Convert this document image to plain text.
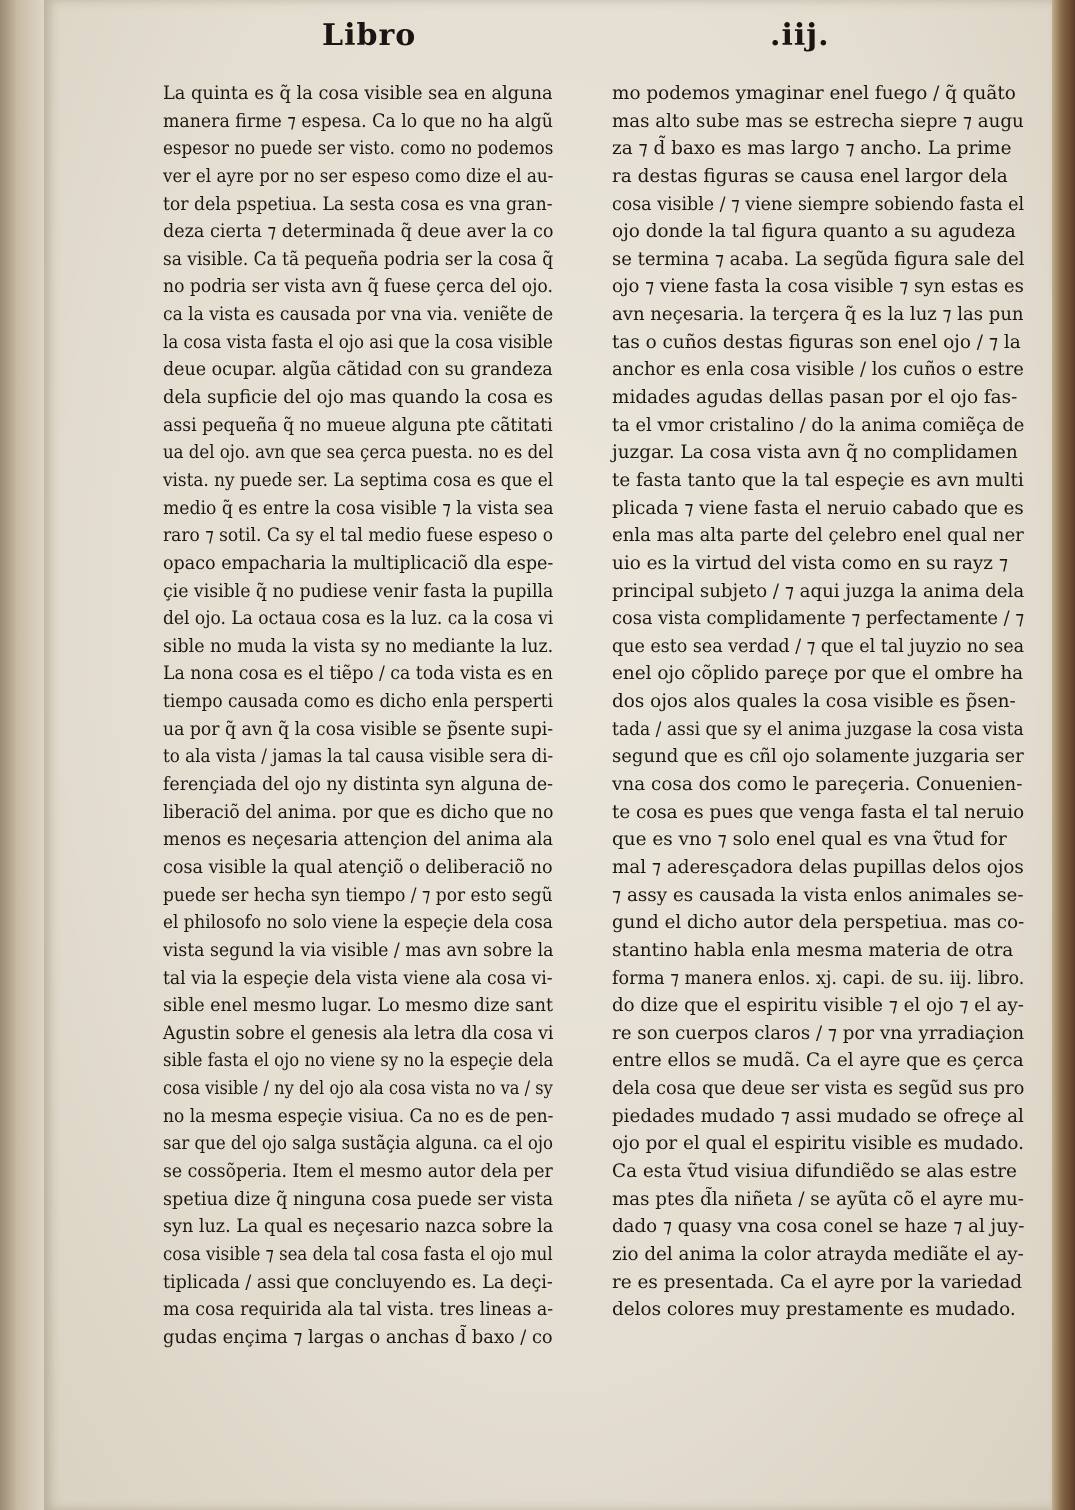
Libro	.iij.
La quinta es q̃ la cosa visible sea en alguna
manera firme ⁊ espesa. Ca lo que no ha algũ
espesor no puede ser visto. como no podemos
ver el ayre por no ser espeso como dize el au-
tor dela pspetiua. La sesta cosa es vna gran-
deza cierta ⁊ determinada q̃ deue aver la co
sa visible. Ca tã pequeña podria ser la cosa q̃
no podria ser vista avn q̃ fuese çerca del ojo.
ca la vista es causada por vna via. veniẽte de
la cosa vista fasta el ojo asi que la cosa visible
deue ocupar. algũa cãtidad con su grandeza
dela supficie del ojo mas quando la cosa es
assi pequeña q̃ no mueue alguna pte cãtitati
ua del ojo. avn que sea çerca puesta. no es del
vista. ny puede ser. La septima cosa es que el
medio q̃ es entre la cosa visible ⁊ la vista sea
raro ⁊ sotil. Ca sy el tal medio fuese espeso o
opaco empacharia la multiplicaciõ dla espe-
çie visible q̃ no pudiese venir fasta la pupilla
del ojo. La octaua cosa es la luz. ca la cosa vi
sible no muda la vista sy no mediante la luz.
La nona cosa es el tiẽpo / ca toda vista es en
tiempo causada como es dicho enla persperti
ua por q̃ avn q̃ la cosa visible se p̃sente supi-
to ala vista / jamas la tal causa visible sera di-
ferençiada del ojo ny distinta syn alguna de-
liberaciõ del anima. por que es dicho que no
menos es neçesaria attençion del anima ala
cosa visible la qual atençiõ o deliberaciõ no
puede ser hecha syn tiempo / ⁊ por esto segũ
el philosofo no solo viene la espeçie dela cosa
vista segund la via visible / mas avn sobre la
tal via la espeçie dela vista viene ala cosa vi-
sible enel mesmo lugar. Lo mesmo dize sant
Agustin sobre el genesis ala letra dla cosa vi
sible fasta el ojo no viene sy no la espeçie dela
cosa visible / ny del ojo ala cosa vista no va / sy
no la mesma espeçie visiua. Ca no es de pen-
sar que del ojo salga sustãçia alguna. ca el ojo
se cossõperia. Item el mesmo autor dela per
spetiua dize q̃ ninguna cosa puede ser vista
syn luz. La qual es neçesario nazca sobre la
cosa visible ⁊ sea dela tal cosa fasta el ojo mul
tiplicada / assi que concluyendo es. La deçi-
ma cosa requirida ala tal vista. tres lineas a-
gudas ençima ⁊ largas o anchas d̃ baxo / co
mo podemos ymaginar enel fuego / q̃ quãto
mas alto sube mas se estrecha siepre ⁊ augu
za ⁊ d̃ baxo es mas largo ⁊ ancho. La prime
ra destas figuras se causa enel largor dela
cosa visible / ⁊ viene siempre sobiendo fasta el
ojo donde la tal figura quanto a su agudeza
se termina ⁊ acaba. La segũda figura sale del
ojo ⁊ viene fasta la cosa visible ⁊ syn estas es
avn neçesaria. la terçera q̃ es la luz ⁊ las pun
tas o cuños destas figuras son enel ojo / ⁊ la
anchor es enla cosa visible / los cuños o estre
midades agudas dellas pasan por el ojo fas-
ta el vmor cristalino / do la anima comiẽça de
juzgar. La cosa vista avn q̃ no complidamen
te fasta tanto que la tal espeçie es avn multi
plicada ⁊ viene fasta el neruio cabado que es
enla mas alta parte del çelebro enel qual ner
uio es la virtud del vista como en su rayz ⁊
principal subjeto / ⁊ aqui juzga la anima dela
cosa vista complidamente ⁊ perfectamente / ⁊
que esto sea verdad / ⁊ que el tal juyzio no sea
enel ojo cõplido pareçe por que el ombre ha
dos ojos alos quales la cosa visible es p̃sen-
tada / assi que sy el anima juzgase la cosa vista
segund que es cñl ojo solamente juzgaria ser
vna cosa dos como le pareçeria. Conuenien-
te cosa es pues que venga fasta el tal neruio
que es vno ⁊ solo enel qual es vna ṽtud for
mal ⁊ aderesçadora delas pupillas delos ojos
⁊ assy es causada la vista enlos animales se-
gund el dicho autor dela perspetiua. mas co-
stantino habla enla mesma materia de otra
forma ⁊ manera enlos. xj. capi. de su. iij. libro.
do dize que el espiritu visible ⁊ el ojo ⁊ el ay-
re son cuerpos claros / ⁊ por vna yrradiaçion
entre ellos se mudã. Ca el ayre que es çerca
dela cosa que deue ser vista es segũd sus pro
piedades mudado ⁊ assi mudado se ofreçe al
ojo por el qual el espiritu visible es mudado.
Ca esta ṽtud visiua difundiẽdo se alas estre
mas ptes d̃la niñeta / se ayũta cõ el ayre mu-
dado ⁊ quasy vna cosa conel se haze ⁊ al juy-
zio del anima la color atrayda mediãte el ay-
re es presentada. Ca el ayre por la variedad
delos colores muy prestamente es mudado.
